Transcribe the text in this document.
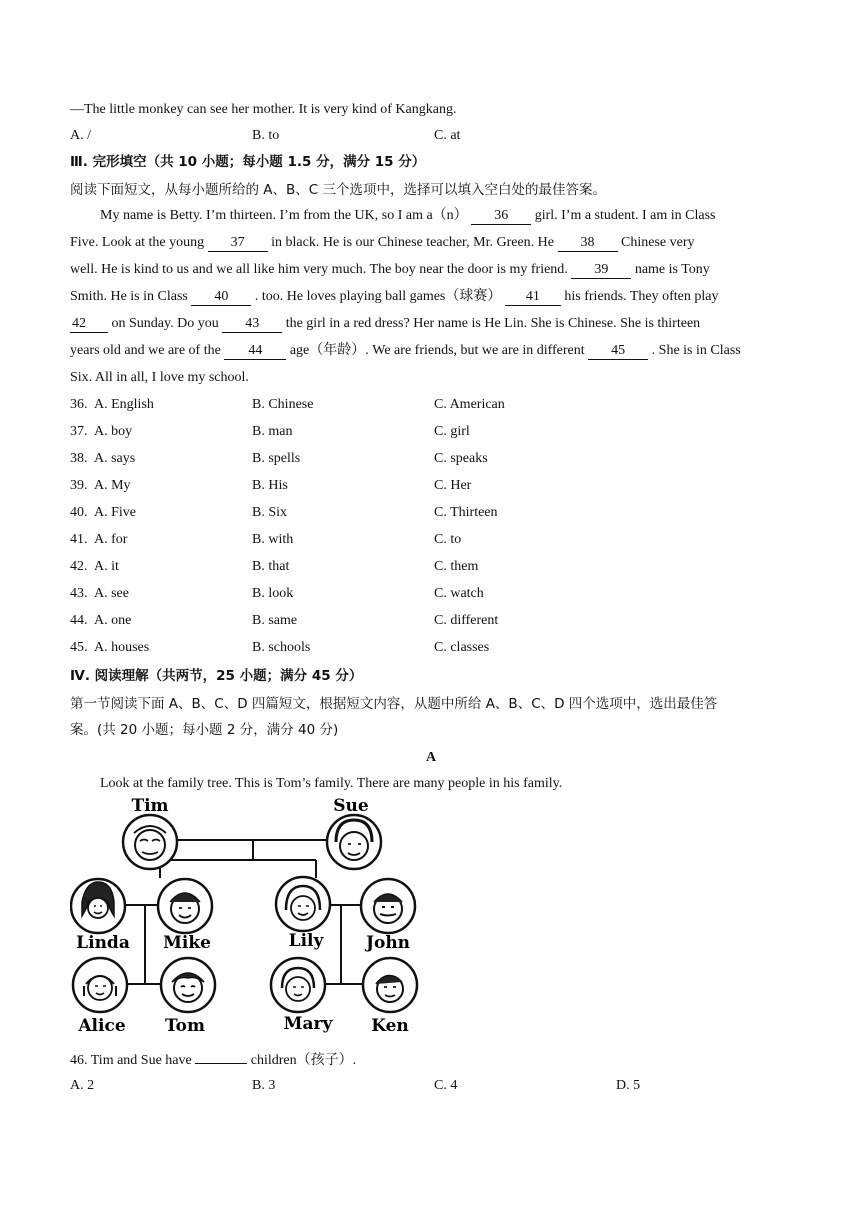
—The little monkey can see her mother. It is very kind of Kangkang.
A. /	B. to	C. at
Ⅲ. 完形填空（共 10 小题；每小题 1.5 分，满分 15 分）
阅读下面短文，从每小题所给的 A、B、C 三个选项中，选择可以填入空白处的最佳答案。
My name is Betty. I’m thirteen. I’m from the UK, so I am a（n） 36 girl. I’m a student. I am in Class
Five. Look at the young 37 in black. He is our Chinese teacher, Mr. Green. He 38 Chinese very
well. He is kind to us and we all like him very much. The boy near the door is my friend. 39 name is Tony
Smith. He is in Class 40 . too. He loves playing ball games（球赛） 41 his friends. They often play
42 on Sunday. Do you 43 the girl in a red dress? Her name is He Lin. She is Chinese. She is thirteen
years old and we are of the 44 age（年龄）. We are friends, but we are in different 45 . She is in Class
Six. All in all, I love my school.
36. A. English	B. Chinese	C. American
37. A. boy	B. man	C. girl
38. A. says	B. spells	C. speaks
39. A. My	B. His	C. Her
40. A. Five	B. Six	C. Thirteen
41. A. for	B. with	C. to
42. A. it	B. that	C. them
43. A. see	B. look	C. watch
44. A. one	B. same	C. different
45. A. houses	B. schools	C. classes
Ⅳ. 阅读理解（共两节，25 小题；满分 45 分）
第一节阅读下面 A、B、C、D 四篇短文，根据短文内容，从题中所给 A、B、C、D 四个选项中，选出最佳答
案。(共 20 小题；每小题 2 分，满分 40 分)
A
Look at the family tree. This is Tom’s family. There are many people in his family.
Tim	Sue
Linda Mike	Lily	John
Alice Tom	Mary Ken
46. Tim and Sue have	children（孩子）.
A. 2	B. 3	C. 4	D. 5
